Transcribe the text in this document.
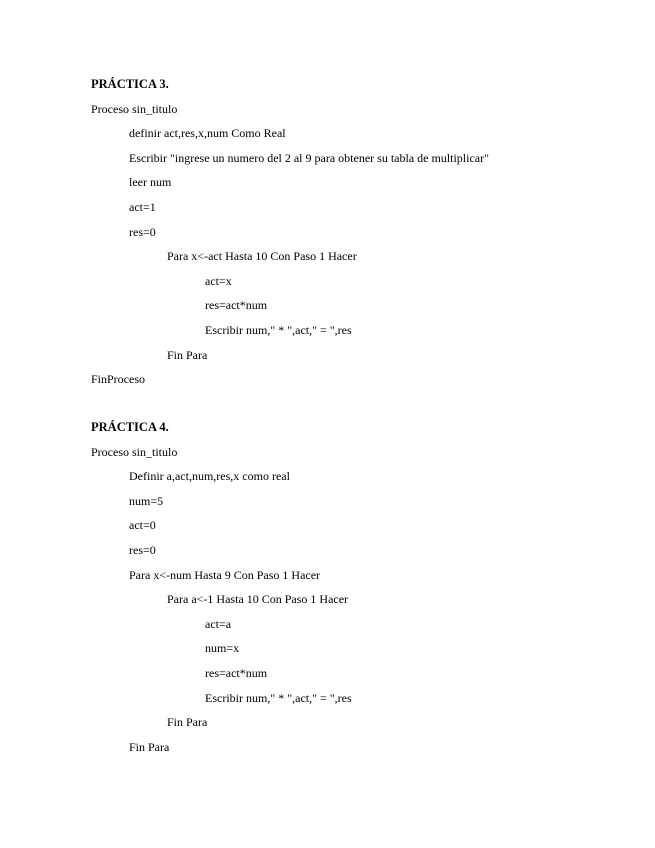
PRÁCTICA 3.
Proceso sin_titulo
definir act,res,x,num Como Real
Escribir "ingrese un numero del 2 al 9 para obtener su tabla de multiplicar"
leer num
act=1
res=0
Para x<-act Hasta 10 Con Paso 1 Hacer
act=x
res=act*num
Escribir num," * ",act," = ",res
Fin Para
FinProceso
PRÁCTICA 4.
Proceso sin_titulo
Definir a,act,num,res,x como real
num=5
act=0
res=0
Para x<-num Hasta 9 Con Paso 1 Hacer
Para a<-1 Hasta 10 Con Paso 1 Hacer
act=a
num=x
res=act*num
Escribir num," * ",act," = ",res
Fin Para
Fin Para
